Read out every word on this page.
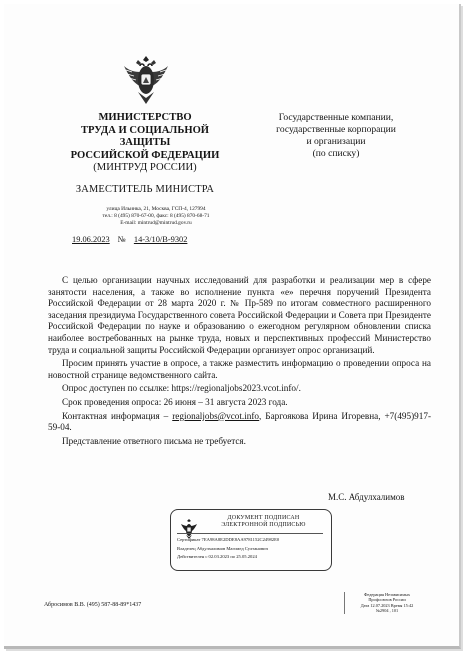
МИНИСТЕРСТВО
ТРУДА И СОЦИАЛЬНОЙ
ЗАЩИТЫ
РОССИЙСКОЙ ФЕДЕРАЦИИ
(МИНТРУД РОССИИ)
ЗАМЕСТИТЕЛЬ МИНИСТРА
улица Ильинка, 21, Москва, ГСП-4, 127994
тел.: 8 (495) 870-67-00, факс: 8 (495) 870-68-71
E-mail: mintrud@mintrud.gov.ru
19.06.2023 № 14-3/10/В-9302
Государственные компании,
государственные корпорации
и организации
(по списку)

С целью организации научных исследований для разработки и реализации мер в сфере занятости населения, а также во исполнение пункта «е» перечня поручений Президента Российской Федерации от 28 марта 2020 г. № Пр-589 по итогам совместного расширенного заседания президиума Государственного совета Российской Федерации и Совета при Президенте Российской Федерации по науке и образованию о ежегодном регулярном обновлении списка наиболее востребованных на рынке труда, новых и перспективных профессий Министерство труда и социальной защиты Российской Федерации организует опрос организаций.

Просим принять участие в опросе, а также разместить информацию о проведении опроса на новостной странице ведомственного сайта.

Опрос доступен по ссылке: https://regionaljobs2023.vcot.info/.

Срок проведения опроса: 26 июня – 31 августа 2023 года.

Контактная информация – regionaljobs@vcot.info, Баргоякова Ирина Игоревна, +7(495)917-59-04.

Представление ответного письма не требуется.

М.С. Абдулхалимов
ДОКУМЕНТ ПОДПИСАН
ЭЛЕКТРОННОЙ ПОДПИСЬЮ
Сертификат 7EA98A8E2DDE8AA9781152C24982E0
Владелец Абдулхалимов Магомед Султанович
Действителен с 02.03.2023 по 25.05.2024
Федерация Независимых
Профсоюзов России
Дата 12.07.2023 Время 15:42
№2904 , 101
Абросимов В.В. (495) 587-88-89*1437
